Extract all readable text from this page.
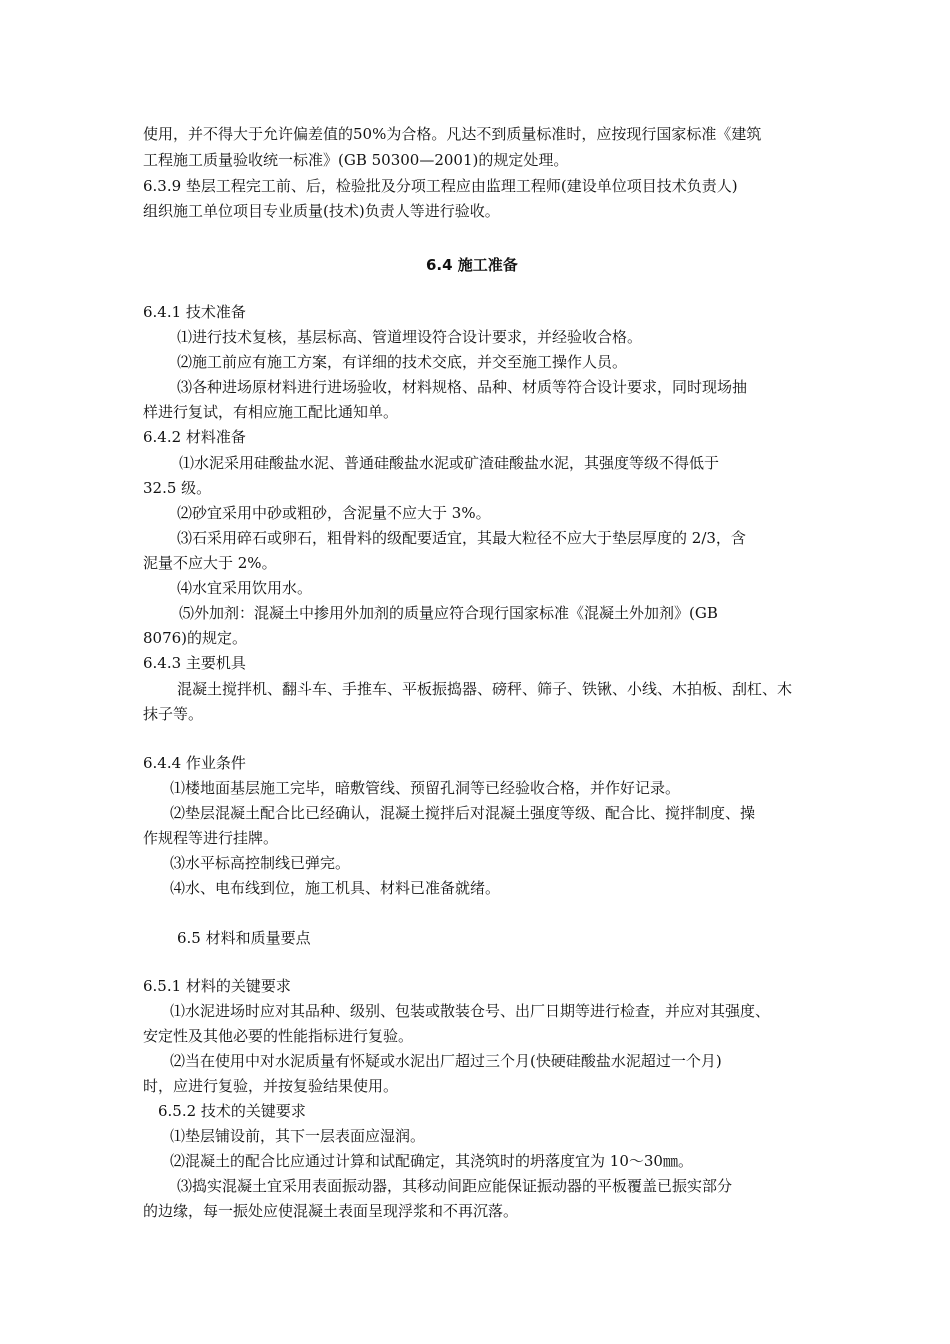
使用，并不得大于允许偏差值的50%为合格。凡达不到质量标准时，应按现行国家标准《建筑
工程施工质量验收统一标准》(GB 50300—2001)的规定处理。
6.3.9 垫层工程完工前、后，检验批及分项工程应由监理工程师(建设单位项目技术负责人)
组织施工单位项目专业质量(技术)负责人等进行验收。
6.4 施工准备
6.4.1 技术准备
⑴进行技术复核，基层标高、管道埋设符合设计要求，并经验收合格。
⑵施工前应有施工方案，有详细的技术交底，并交至施工操作人员。
⑶各种进场原材料进行进场验收，材料规格、品种、材质等符合设计要求，同时现场抽
样进行复试，有相应施工配比通知单。
6.4.2 材料准备
⑴水泥采用硅酸盐水泥、普通硅酸盐水泥或矿渣硅酸盐水泥，其强度等级不得低于
32.5 级。
⑵砂宜采用中砂或粗砂，含泥量不应大于 3%。
⑶石采用碎石或卵石，粗骨料的级配要适宜，其最大粒径不应大于垫层厚度的 2/3，含
泥量不应大于 2%。
⑷水宜采用饮用水。
⑸外加剂：混凝土中掺用外加剂的质量应符合现行国家标准《混凝土外加剂》(GB
8076)的规定。
6.4.3 主要机具
混凝土搅拌机、翻斗车、手推车、平板振捣器、磅秤、筛子、铁锹、小线、木拍板、刮杠、木
抹子等。
6.4.4 作业条件
⑴楼地面基层施工完毕，暗敷管线、预留孔洞等已经验收合格，并作好记录。
⑵垫层混凝土配合比已经确认，混凝土搅拌后对混凝土强度等级、配合比、搅拌制度、操
作规程等进行挂牌。
⑶水平标高控制线已弹完。
⑷水、电布线到位，施工机具、材料已准备就绪。
6.5 材料和质量要点
6.5.1 材料的关键要求
⑴水泥进场时应对其品种、级别、包装或散装仓号、出厂日期等进行检查，并应对其强度、
安定性及其他必要的性能指标进行复验。
⑵当在使用中对水泥质量有怀疑或水泥出厂超过三个月(快硬硅酸盐水泥超过一个月)
时，应进行复验，并按复验结果使用。
6.5.2 技术的关键要求
⑴垫层铺设前，其下一层表面应湿润。
⑵混凝土的配合比应通过计算和试配确定，其浇筑时的坍落度宜为 10～30㎜。
⑶捣实混凝土宜采用表面振动器，其移动间距应能保证振动器的平板覆盖已振实部分
的边缘，每一振处应使混凝土表面呈现浮浆和不再沉落。
